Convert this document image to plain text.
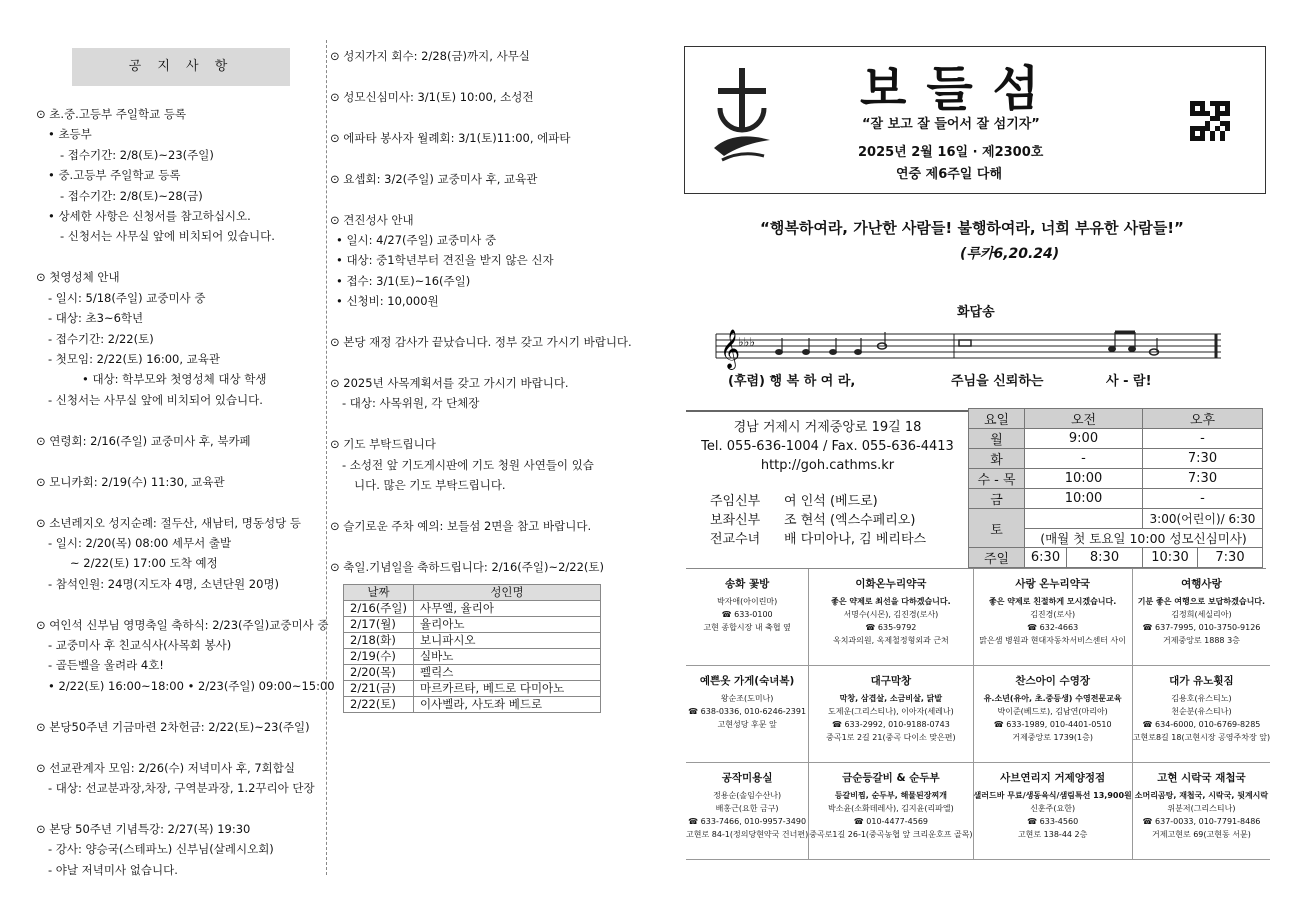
공 지 사 항
⊙ 초.중.고등부 주일학교 등록
• 초등부
- 접수기간: 2/8(토)~23(주일)
• 중.고등부 주일학교 등록
- 접수기간: 2/8(토)~28(금)
• 상세한 사항은 신청서를 참고하십시오.
- 신청서는 사무실 앞에 비치되어 있습니다.
⊙ 첫영성체 안내
- 일시: 5/18(주일) 교중미사 중
- 대상: 초3~6학년
- 접수기간: 2/22(토)
- 첫모임: 2/22(토) 16:00, 교육관
• 대상: 학부모와 첫영성체 대상 학생
- 신청서는 사무실 앞에 비치되어 있습니다.
⊙ 연령회: 2/16(주일) 교중미사 후, 북카페
⊙ 모니카회: 2/19(수) 11:30, 교육관
⊙ 소년레지오 성지순례: 절두산, 새남터, 명동성당 등
- 일시: 2/20(목) 08:00 세무서 출발
~ 2/22(토) 17:00 도착 예정
- 참석인원: 24명(지도자 4명, 소년단원 20명)
⊙ 여인석 신부님 영명축일 축하식: 2/23(주일)교중미사 중
- 교중미사 후 친교식사(사목회 봉사)
- 골든벨을 울려라 4호!
• 2/22(토) 16:00~18:00 • 2/23(주일) 09:00~15:00
⊙ 본당50주년 기금마련 2차헌금: 2/22(토)~23(주일)
⊙ 선교관계자 모임: 2/26(수) 저녁미사 후, 7회합실
- 대상: 선교분과장,차장, 구역분과장, 1.2꾸리아 단장
⊙ 본당 50주년 기념특강: 2/27(목) 19:30
- 강사: 양승국(스테파노) 신부님(살레시오회)
- 야날 저녁미사 없습니다.
⊙ 성지가지 회수: 2/28(금)까지, 사무실
⊙ 성모신심미사: 3/1(토) 10:00, 소성전
⊙ 에파타 봉사자 월례회: 3/1(토)11:00, 에파타
⊙ 요셉회: 3/2(주일) 교중미사 후, 교육관
⊙ 견진성사 안내
• 일시: 4/27(주일) 교중미사 중
• 대상: 중1학년부터 견진을 받지 않은 신자
• 접수: 3/1(토)~16(주일)
• 신청비: 10,000원
⊙ 본당 재정 감사가 끝났습니다. 정부 갖고 가시기 바랍니다.
⊙ 2025년 사목계획서를 갖고 가시기 바랍니다.
- 대상: 사목위원, 각 단체장
⊙ 기도 부탁드립니다
- 소성전 앞 기도게시판에 기도 청원 사연들이 있습
니다. 많은 기도 부탁드립니다.
⊙ 슬기로운 주차 예의: 보들섬 2면을 참고 바랍니다.
⊙ 축일.기념일을 축하드립니다: 2/16(주일)~2/22(토)
날짜	성인명
2/16(주일)	사무엘, 율리아
2/17(월)	율리아노
2/18(화)	보니파시오
2/19(수)	실바노
2/20(목)	펠릭스
2/21(금)	마르카르타, 베드로 다미아노
2/22(토)	이사벨라, 사도좌 베드로
보들섬
“잘 보고 잘 들어서 잘 섬기자”
2025년 2월 16일 · 제2300호
연중 제6주일 다해
“행복하여라, 가난한 사람들! 불행하여라, 너희 부유한 사람들!”
(루카6,20.24)
화답송
𝄞
♭♭♭
(후렴) 행 복 하 여 라,	주님을 신뢰하는	사 - 람!
경남 거제시 거제중앙로 19길 18
Tel. 055-636-1004 / Fax. 055-636-4413
http://goh.cathms.kr
주임신부 여 인석 (베드로)
보좌신부 조 현석 (엑스수페리오)
전교수녀 배 다미아나, 김 베리타스
요일	오전		오후	
월	9:00		-	
화	-		7:30	
수 - 목	10:00		7:30	
금	10:00		-	
토			3:00(어린이)/ 6:30	
	(매월 첫 토요일 10:00 성모신심미사)			
주일	6:30	8:30	10:30	7:30
송화 꽃방
박자애(아이린마)
☎ 633-0100
고현 종합시장 내 축협 옆
이화온누리약국
좋은 약제로 최선을 다하겠습니다.
서명수(시몬), 김진경(로사)
☎ 635-9792
옥치과의원, 옥제철정형외과 근처
사랑 온누리약국
좋은 약제로 친절하게 모시겠습니다.
김진경(로사)
☎ 632-4663
맑은샘 병원과 현대자동차서비스센터 사이
여행사랑
기분 좋은 여행으로 보답하겠습니다.
김정희(세실리아)
☎ 637-7995, 010-3750-9126
거제중앙로 1888 3층
예쁜옷 가게(숙녀복)
왕순조(도미나)
☎ 638-0336, 010-6246-2391
고현성당 후문 앞
대구막창
막창, 삼겹살, 소금비살, 닭발
도제운(그리스티나), 이아자(세레나)
☎ 633-2992, 010-9188-0743
중곡1로 2길 21(중곡 다이소 맞은편)
찬스아이 수영장
유.소년(유아, 초.중등생) 수영전문교육
박이준(베드로), 김남연(마리아)
☎ 633-1989, 010-4401-0510
거제중앙로 1739(1층)
대가 유노휫짐
김용호(유스티노)
천순분(유스티나)
☎ 634-6000, 010-6769-8285
고현로8길 18(고현시장 공영주차장 앞)
공작미용실
정용순(솔임수산나)
배홍근(요한 금구)
☎ 633-7466, 010-9957-3490
고현로 84-1(정의당현약국 건너편)
금순등갈비 & 순두부
등갈비찜, 순두부, 해물된장찌개
박소윤(소화데레사), 김지윤(리파엘)
☎ 010-4477-4569
중곡로1길 26-1(중곡농협 앞 크리운호프 골목)
사브연리지 거제양정점
샐러드바 무료/생동육식/샘림특선 13,900원
신훈주(요한)
☎ 633-4560
고현로 138-44 2층
고현 시락국 재첩국
소머리곰탕, 재첩국, 시락국, 뒷계시락
위분저(그리스티나)
☎ 637-0033, 010-7791-8486
거제고현로 69(고현동 서문)
